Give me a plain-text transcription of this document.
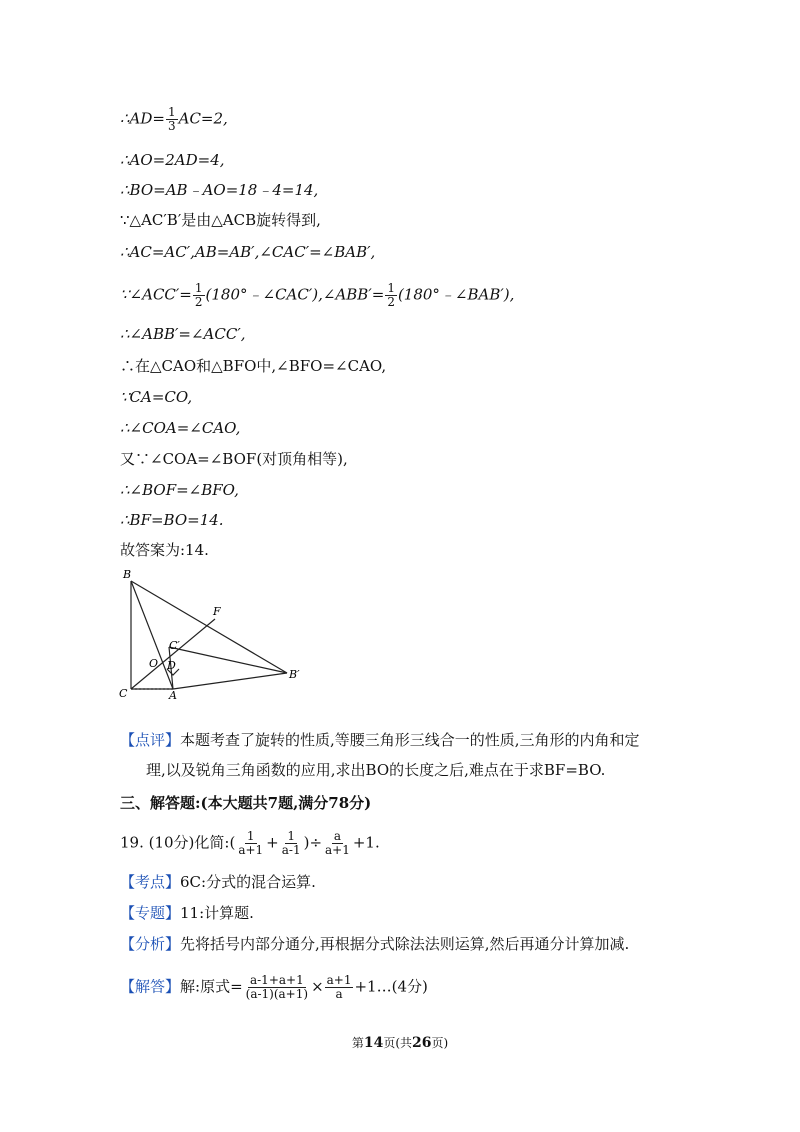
∴AD= $\frac{1}{3} AC=2$,
∴AO=2AD=4,
∴BO=AB﹣AO=18﹣4=14,
∵△AC′B′是由△ACB旋转得到,
∴AC=AC′,AB=AB′,∠CAC′=∠BAB′,
∵∠ACC′= $\frac{1}{2}$ (180°﹣∠CAC′),∠ABB′= $\frac{1}{2}$ (180°﹣∠BAB′),
∴∠ABB′=∠ACC′,
∴在△CAO和△BFO中,∠BFO=∠CAO,
∵CA=CO,
∴∠COA=∠CAO,
又∵∠COA=∠BOF(对顶角相等),
∴∠BOF=∠BFO,
∴BF=BO=14.
故答案为:14.
B
F
C′
O D
B′
C	A
【点评】本题考查了旋转的性质,等腰三角形三线合一的性质,三角形的内角和定
理,以及锐角三角函数的应用,求出BO的长度之后,难点在于求BF=BO.
三、解答题:(本大题共7题,满分78分)
19. (10分)化简:( $\frac{1}{a+1} + \frac{1}{a-1}$ )÷ $\frac{a}{a+1} +1$.
【考点】6C:分式的混合运算.
【专题】11:计算题.
【分析】先将括号内部分通分,再根据分式除法法则运算,然后再通分计算加减.
【解答】解:原式= $\frac{a-1+a+1}{(a-1)(a+1)} \times \frac{a+1}{a}$ +1…(4分)
第14页(共26页)
